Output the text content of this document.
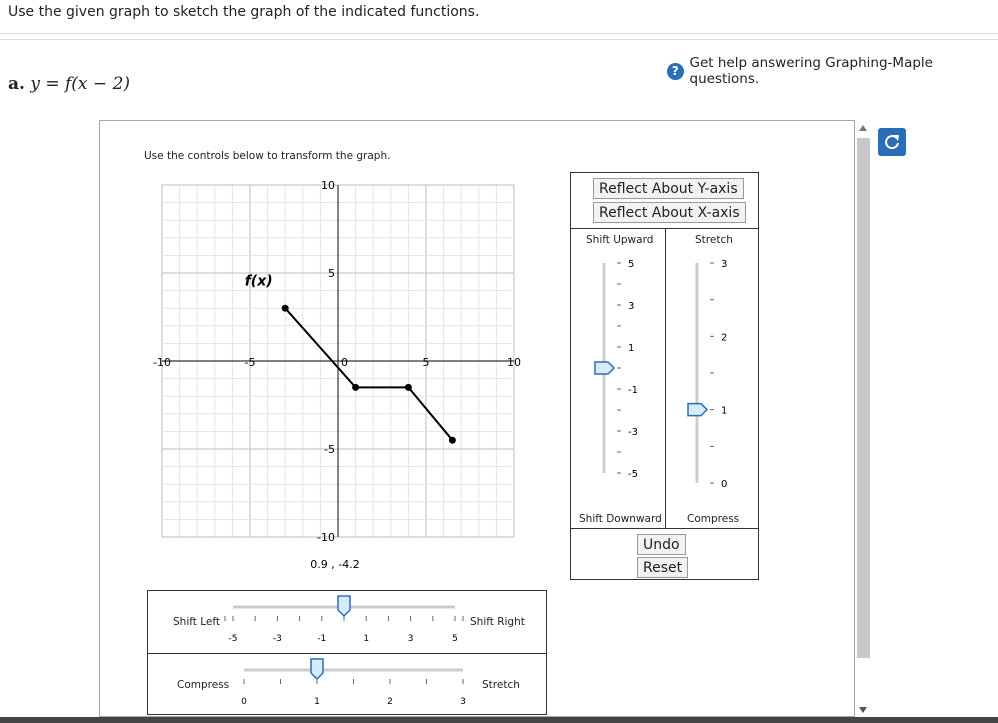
Use the given graph to sketch the graph of the indicated functions.
? Get help answering Graphing-Maple questions.
a. y = f(x − 2)
Use the controls below to transform the graph.
-10	-5	0	5	10
10
5
-5
-10
f(x)
0.9 , -4.2
Reflect About Y-axis
Reflect About X-axis
Shift Upward	Stretch
Shift Downward Compress
5
3
1
-1
-3
-5
3
2
1
0
Undo
Reset
Shift Left	Shift Right
Compress	Stretch
-5	-3	-1	1	3	5
0	1	2	3
